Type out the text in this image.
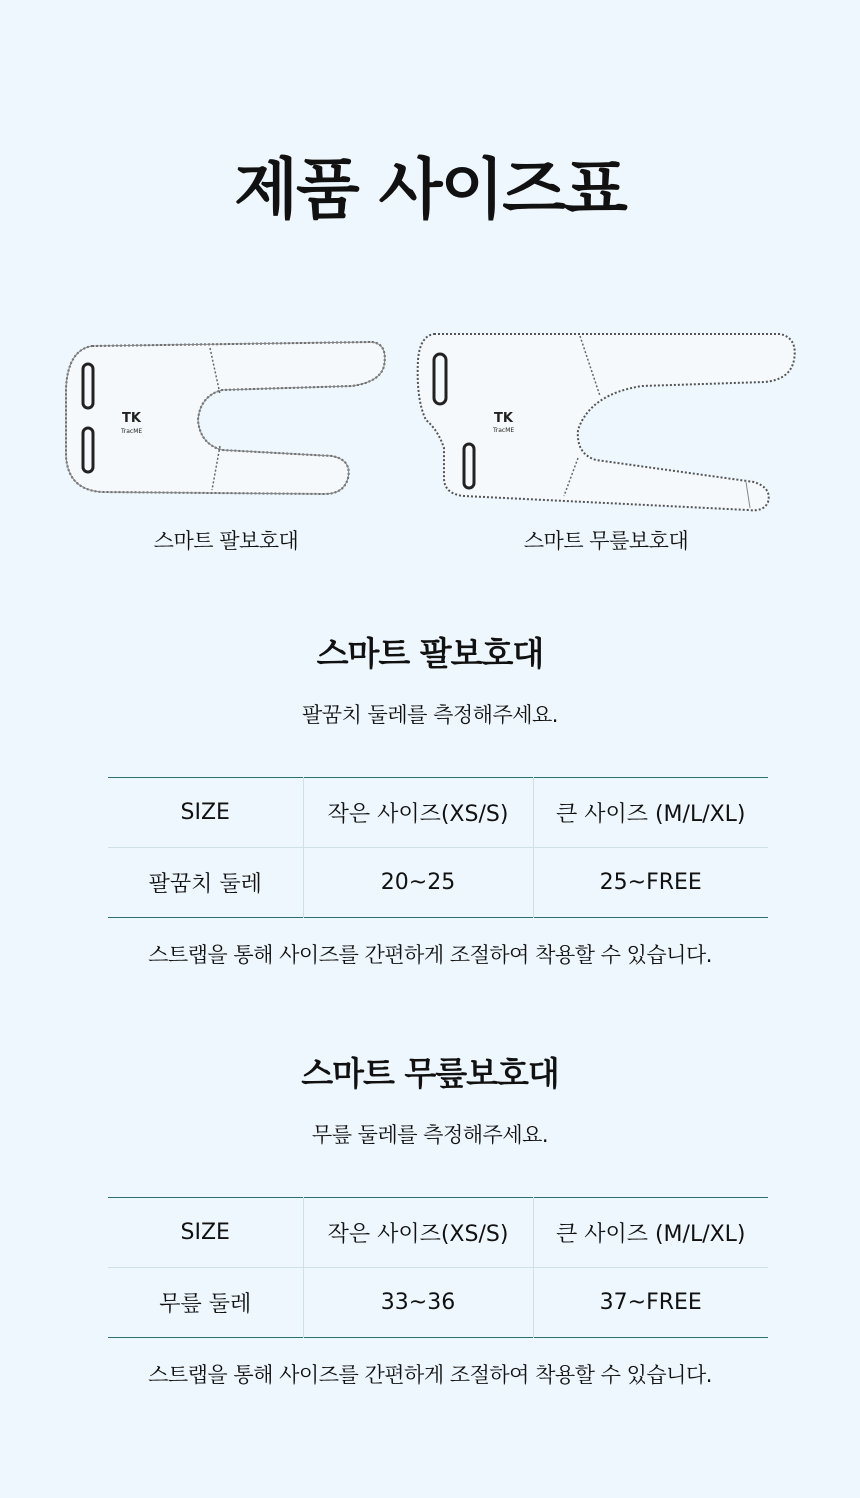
제품 사이즈표
TK
TracME
스마트 팔보호대
TK
TracME
스마트 무릎보호대
스마트 팔보호대
팔꿈치 둘레를 측정해주세요.
SIZE	작은 사이즈(XS/S)	큰 사이즈 (M/L/XL)
팔꿈치 둘레	20~25	25~FREE
스트랩을 통해 사이즈를 간편하게 조절하여 착용할 수 있습니다.
스마트 무릎보호대
무릎 둘레를 측정해주세요.
SIZE	작은 사이즈(XS/S)	큰 사이즈 (M/L/XL)
무릎 둘레	33~36	37~FREE
스트랩을 통해 사이즈를 간편하게 조절하여 착용할 수 있습니다.
